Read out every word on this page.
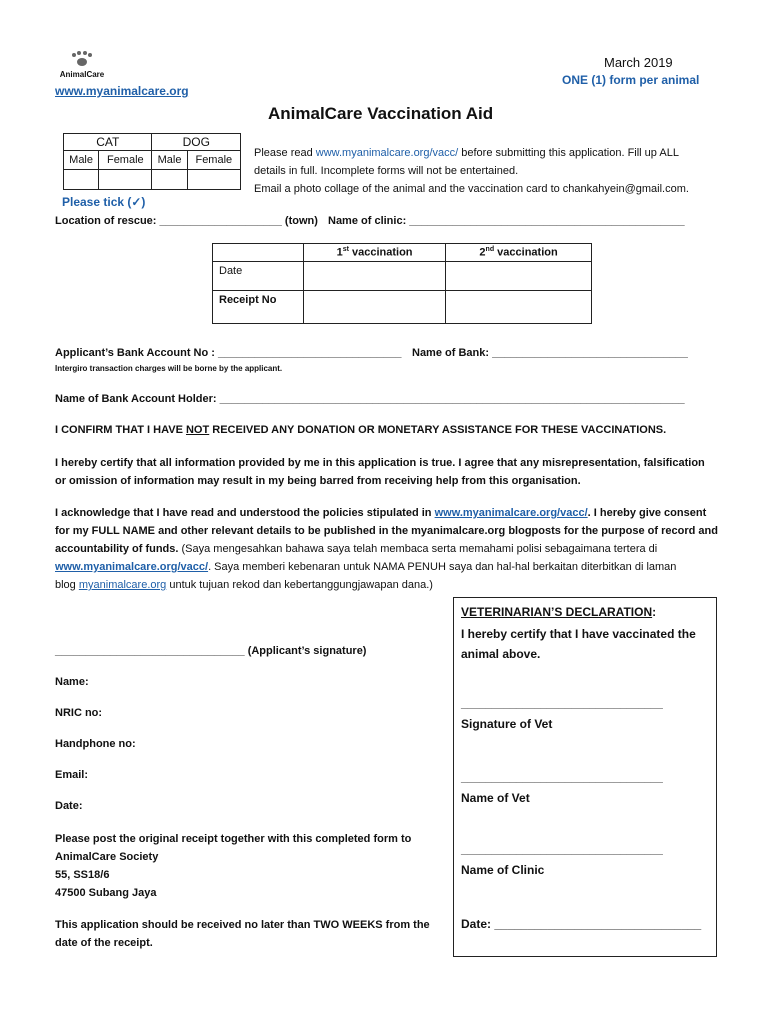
AnimalCare
March 2019
ONE (1) form per animal
www.myanimalcare.org
AnimalCare Vaccination Aid
CAT		DOG	
Male	Female	Male	Female

Please read www.myanimalcare.org/vacc/ before submitting this application. Fill up ALL

details in full. Incomplete forms will not be entertained.

Email a photo collage of the animal and the vaccination card to chankahyein@gmail.com.

Please tick (✓)
Location of rescue: ____________________ (town) Name of clinic: _____________________________________________
	1st vaccination	2nd vaccination
Date		
Receipt No		
Applicant’s Bank Account No : ______________________________ Name of Bank: ________________________________
Intergiro transaction charges will be borne by the applicant.
Name of Bank Account Holder: ____________________________________________________________________________
I CONFIRM THAT I HAVE NOT RECEIVED ANY DONATION OR MONETARY ASSISTANCE FOR THESE VACCINATIONS.

I hereby certify that all information provided by me in this application is true. I agree that any misrepresentation, falsification

or omission of information may result in my being barred from receiving help from this organisation.

I acknowledge that I have read and understood the policies stipulated in www.myanimalcare.org/vacc/. I hereby give consent

for my FULL NAME and other relevant details to be published in the myanimalcare.org blogposts for the purpose of record and

accountability of funds. (Saya mengesahkan bahawa saya telah membaca serta memahami polisi sebagaimana tertera di

www.myanimalcare.org/vacc/. Saya memberi kebenaran untuk NAMA PENUH saya dan hal-hal berkaitan diterbitkan di laman

blog myanimalcare.org untuk tujuan rekod dan kebertanggungjawapan dana.)

_______________________________ (Applicant’s signature)
Name:
NRIC no:
Handphone no:
Email:
Date:

Please post the original receipt together with this completed form to

AnimalCare Society

55, SS18/6

47500 Subang Jaya

This application should be received no later than TWO WEEKS from the

date of the receipt.

VETERINARIAN’S DECLARATION:

I hereby certify that I have vaccinated the

animal above.

_________________________________
Signature of Vet
_________________________________
Name of Vet
_________________________________
Name of Clinic
Date: _______________________________
